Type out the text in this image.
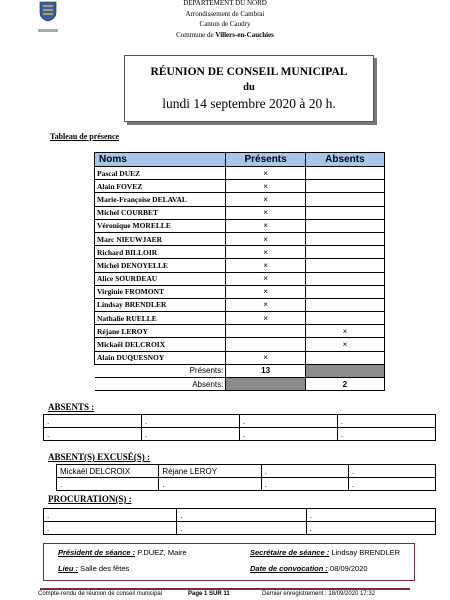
DÉPARTEMENT DU NORD
Arrondissement de Cambrai
Canton de Caudry
Commune de Villers-en-Cauchies
RÉUNION DE CONSEIL MUNICIPAL
du
lundi 14 septembre 2020 à 20 h.
Tableau de présence
Noms	Présents	Absents
Pascal DUEZ	×	
Alain FOVEZ	×	
Marie-Françoise DELAVAL	×	
Michel COURBET	×	
Véronique MORELLE	×	
Marc NIEUWJAER	×	
Richard BILLOIR	×	
Michel DENOYELLE	×	
Alice SOURDEAU	×	
Virginie FROMONT	×	
Lindsay BRENDLER	×	
Nathalie RUELLE	×	
Réjane LEROY		×
Mickaël DELCROIX		×
Alain DUQUESNOY	×	
Présents:	13	
Absents:		2
ABSENTS :
.	.	.	.
.	.	.	.
ABSENT(S) EXCUSÉ(S) :
Mickaël DELCROIX	Réjane LEROY	.	.
.	.	.	.
PROCURATION(S) :
.	.	.
.	.	.
Président de séance : P.DUEZ, Maire	Secrétaire de séance : Lindsay BRENDLER
Lieu : Salle des fêtes	Date de convocation : 08/09/2020
Compte-rendu de réunion de conseil municipal	Page 1 SUR 11	Dernier enregistrement : 18/09/2020 17:32
